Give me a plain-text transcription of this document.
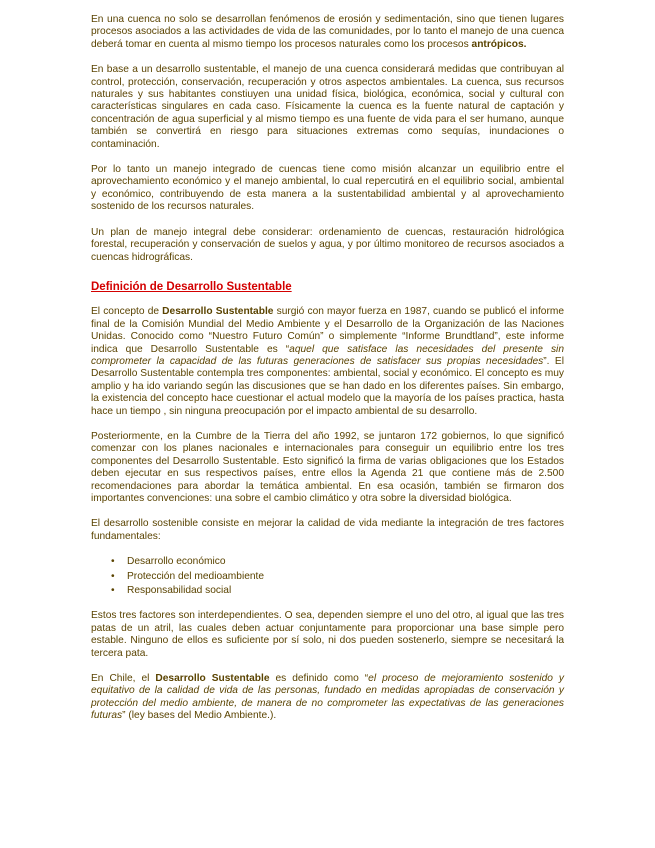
En una cuenca no solo se desarrollan fenómenos de erosión y sedimentación, sino que tienen lugares procesos asociados a las actividades de vida de las comunidades, por lo tanto el manejo de una cuenca deberá tomar en cuenta al mismo tiempo los procesos naturales como los procesos antrópicos.

En base a un desarrollo sustentable, el manejo de una cuenca considerará medidas que contribuyan al control, protección, conservación, recuperación y otros aspectos ambientales. La cuenca, sus recursos naturales y sus habitantes constiuyen una unidad física, biológica, económica, social y cultural con características singulares en cada caso. Físicamente la cuenca es la fuente natural de captación y concentración de agua superficial y al mismo tiempo es una fuente de vida para el ser humano, aunque también se convertirá en riesgo para situaciones extremas como sequías, inundaciones o contaminación.

Por lo tanto un manejo integrado de cuencas tiene como misión alcanzar un equilibrio entre el aprovechamiento económico y el manejo ambiental, lo cual repercutirá en el equilibrio social, ambiental y económico, contribuyendo de esta manera a la sustentabilidad ambiental y al aprovechamiento sostenido de los recursos naturales.

Un plan de manejo integral debe considerar: ordenamiento de cuencas, restauración hidrológica forestal, recuperación y conservación de suelos y agua, y por último monitoreo de recursos asociados a cuencas hidrográficas.

Definición de Desarrollo Sustentable

El concepto de Desarrollo Sustentable surgió con mayor fuerza en 1987, cuando se publicó el informe final de la Comisión Mundial del Medio Ambiente y el Desarrollo de la Organización de las Naciones Unidas. Conocido como “Nuestro Futuro Común” o simplemente “Informe Brundtland”, este informe indica que Desarrollo Sustentable es “aquel que satisface las necesidades del presente sin comprometer la capacidad de las futuras generaciones de satisfacer sus propias necesidades”. El Desarrollo Sustentable contempla tres componentes: ambiental, social y económico. El concepto es muy amplio y ha ido variando según las discusiones que se han dado en los diferentes países. Sin embargo, la existencia del concepto hace cuestionar el actual modelo que la mayoría de los países practica, hasta hace un tiempo , sin ninguna preocupación por el impacto ambiental de su desarrollo.

Posteriormente, en la Cumbre de la Tierra del año 1992, se juntaron 172 gobiernos, lo que significó comenzar con los planes nacionales e internacionales para conseguir un equilibrio entre los tres componentes del Desarrollo Sustentable. Esto significó la firma de varias obligaciones que los Estados deben ejecutar en sus respectivos países, entre ellos la Agenda 21 que contiene más de 2.500 recomendaciones para abordar la temática ambiental. En esa ocasión, también se firmaron dos importantes convenciones: una sobre el cambio climático y otra sobre la diversidad biológica.

El desarrollo sostenible consiste en mejorar la calidad de vida mediante la integración de tres factores fundamentales:

• Desarrollo económico
• Protección del medioambiente
• Responsabilidad social

Estos tres factores son interdependientes. O sea, dependen siempre el uno del otro, al igual que las tres patas de un atril, las cuales deben actuar conjuntamente para proporcionar una base simple pero estable. Ninguno de ellos es suficiente por sí solo, ni dos pueden sostenerlo, siempre se necesitará la tercera pata.

En Chile, el Desarrollo Sustentable es definido como “el proceso de mejoramiento sostenido y equitativo de la calidad de vida de las personas, fundado en medidas apropiadas de conservación y protección del medio ambiente, de manera de no comprometer las expectativas de las generaciones futuras” (ley bases del Medio Ambiente.).
